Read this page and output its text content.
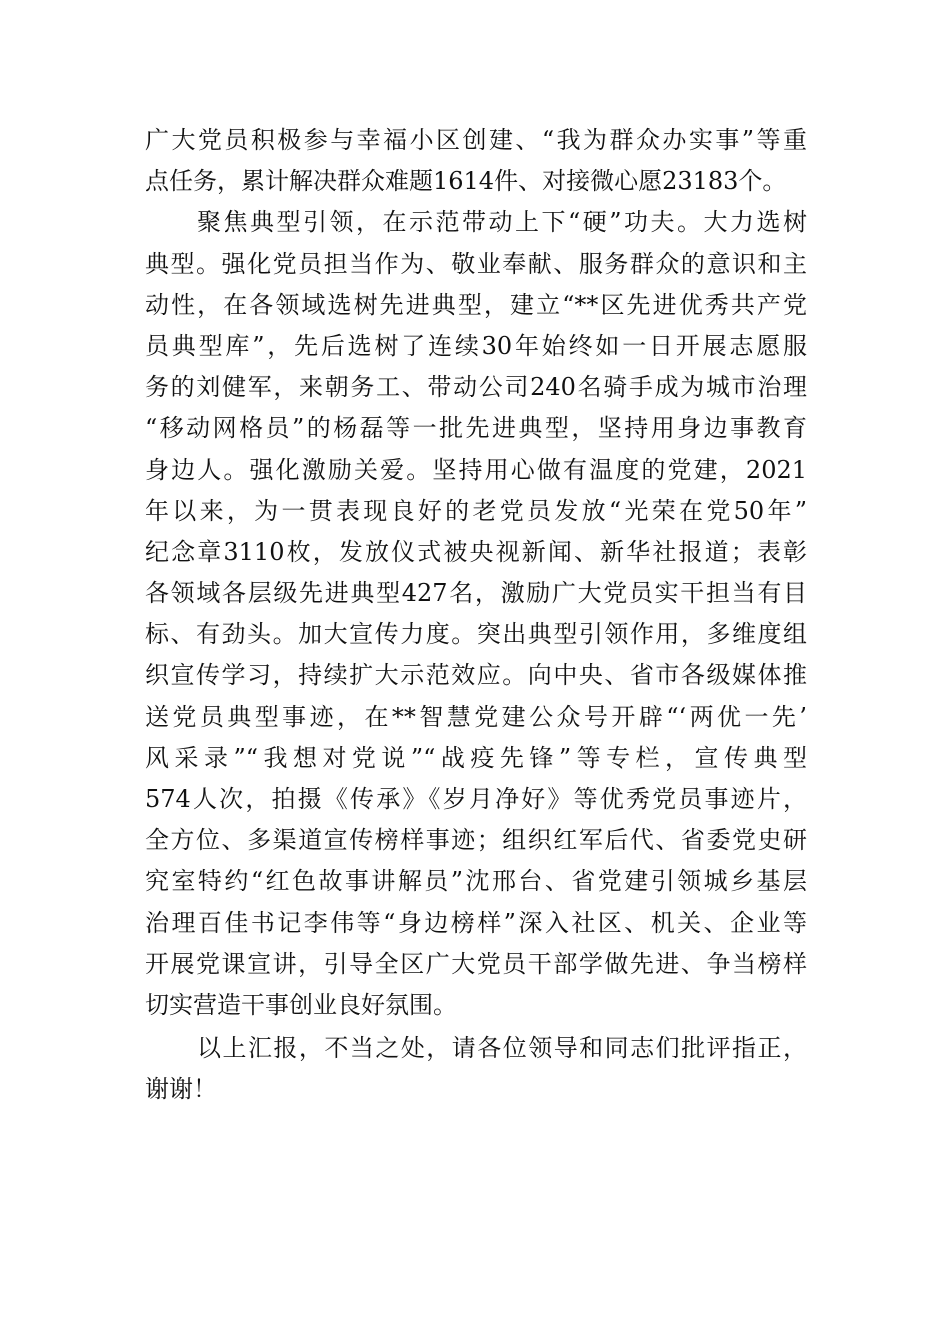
广大党员积极参与幸福小区创建、“我为群众办实事”等重
点任务，累计解决群众难题1614件、对接微心愿23183个。
聚焦典型引领，在示范带动上下“硬”功夫。大力选树
典型。强化党员担当作为、敬业奉献、服务群众的意识和主
动性，在各领域选树先进典型，建立“**区先进优秀共产党
员典型库”，先后选树了连续30年始终如一日开展志愿服
务的刘健军，来朝务工、带动公司240名骑手成为城市治理
“移动网格员”的杨磊等一批先进典型，坚持用身边事教育
身边人。强化激励关爱。坚持用心做有温度的党建，2021
年以来，为一贯表现良好的老党员发放“光荣在党50年”
纪念章3110枚，发放仪式被央视新闻、新华社报道；表彰
各领域各层级先进典型427名，激励广大党员实干担当有目
标、有劲头。加大宣传力度。突出典型引领作用，多维度组
织宣传学习，持续扩大示范效应。向中央、省市各级媒体推
送党员典型事迹，在**智慧党建公众号开辟“‘两优一先’
风采录”“我想对党说”“战疫先锋”等专栏，宣传典型
574人次，拍摄《传承》《岁月净好》等优秀党员事迹片，
全方位、多渠道宣传榜样事迹；组织红军后代、省委党史研
究室特约“红色故事讲解员”沈邢台、省党建引领城乡基层
治理百佳书记李伟等“身边榜样”深入社区、机关、企业等
开展党课宣讲，引导全区广大党员干部学做先进、争当榜样
切实营造干事创业良好氛围。
以上汇报，不当之处，请各位领导和同志们批评指正，
谢谢！
